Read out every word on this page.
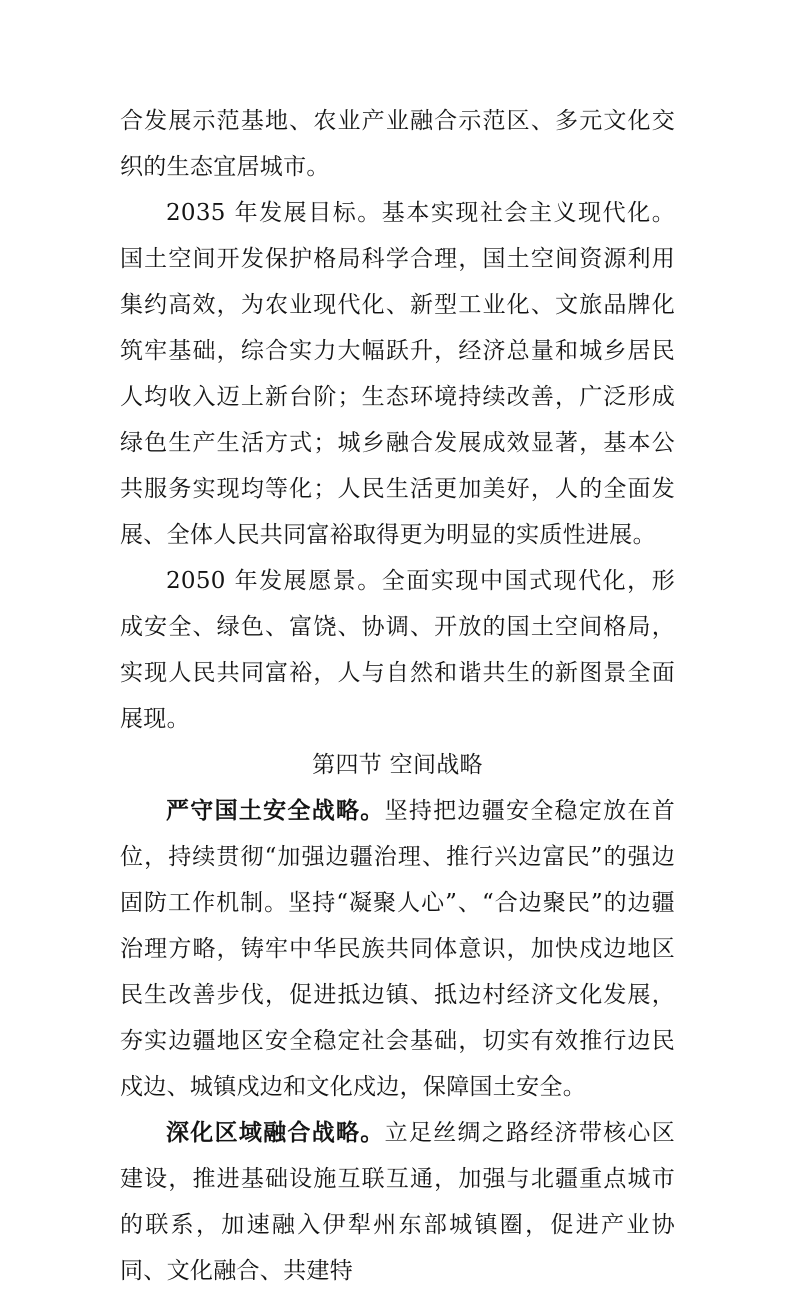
合发展示范基地、农业产业融合示范区、多元文化交织的生态宜居城市。

2035 年发展目标。基本实现社会主义现代化。国土空间开发保护格局科学合理，国土空间资源利用集约高效，为农业现代化、新型工业化、文旅品牌化筑牢基础，综合实力大幅跃升，经济总量和城乡居民人均收入迈上新台阶；生态环境持续改善，广泛形成绿色生产生活方式；城乡融合发展成效显著，基本公共服务实现均等化；人民生活更加美好，人的全面发展、全体人民共同富裕取得更为明显的实质性进展。

2050 年发展愿景。全面实现中国式现代化，形成安全、绿色、富饶、协调、开放的国土空间格局，实现人民共同富裕，人与自然和谐共生的新图景全面展现。

第四节 空间战略

严守国土安全战略。坚持把边疆安全稳定放在首位，持续贯彻“加强边疆治理、推行兴边富民”的强边固防工作机制。坚持“凝聚人心”、“合边聚民”的边疆治理方略，铸牢中华民族共同体意识，加快戍边地区民生改善步伐，促进抵边镇、抵边村经济文化发展，夯实边疆地区安全稳定社会基础，切实有效推行边民戍边、城镇戍边和文化戍边，保障国土安全。

深化区域融合战略。立足丝绸之路经济带核心区建设，推进基础设施互联互通，加强与北疆重点城市的联系，加速融入伊犁州东部城镇圈，促进产业协同、文化融合、共建特
